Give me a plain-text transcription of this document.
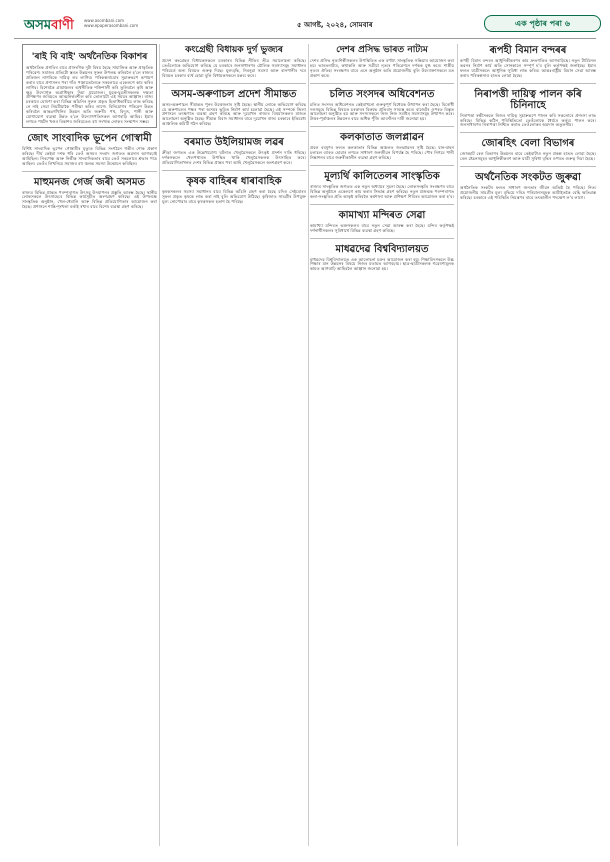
অসমবাণী	www.asombani.com
www.epaperasombani.com	৫ আগষ্ট, ২০২৪, সোমবাৰ	এক পৃষ্ঠাৰ পৰা ৬
'ৰাই বি বাই' অৰ্থনৈতিক বিকাশৰ

অৰ্থনৈতিক প্ৰগতিৰ বাবে প্ৰাসংগিক দুটা বিষয় হৈছে সামাজিক আৰু প্ৰাকৃতিক পৰিৱেশ। সমাজৰ প্ৰতিটো স্তৰত উন্নয়নৰ সুফল উপলব্ধ কৰিবলৈ হ'লে ৰাজ্যৰ প্ৰতিজন নাগৰিকে দায়িত্ব লব লাগিব। পৰিকল্পনাবোৰ সুচাৰুৰূপে ৰূপায়ণ কৰাৰ বাবে প্ৰশাসনৰ পৰা গাঁও পঞ্চায়তলৈকে সকলোৱে একেলগে কাম কৰিব লাগিব। বিশেষকৈ গ্ৰামাঞ্চলৰ অৰ্থনীতিক শক্তিশালী কৰি তুলিবলৈ কৃষি আৰু ক্ষুদ্ৰ উদ্যোগক অগ্ৰাধিকাৰ দিয়া প্ৰয়োজন। যুৱক-যুৱতীসকলক দক্ষতা প্ৰশিক্ষণৰ জৰিয়তে আত্মনিৰ্ভৰশীল কৰি তোলাটো এই সময়ৰ আহ্বান। ৰাজ্য চৰকাৰে ঘোষণা কৰা বিভিন্ন আঁচনিৰ সুফল প্ৰকৃত হিতাধিকাৰীয়ে লাভ কৰিছে নে নাই সেয়া নিয়মীয়াকৈ পৰীক্ষা কৰিব লাগে। বিনিয়োগৰ পৰিৱেশ উন্নত কৰিবলৈ আন্তঃগাঁথনিৰ উন্নয়ন অতি জৰুৰী। পথ, বিদ্যুৎ, পানী আৰু যোগাযোগ ব্যৱস্থা উন্নত হ'লে উদ্যোগপতিসকল আগবাঢ়ি আহিব। ইয়াৰ লগতে পৰ্যটন খণ্ডৰ বিকাশৰ জৰিয়তেও বহু সংখ্যক লোকৰ সংস্থাপন সম্ভৱ।

জোৎ সাংবাদিক ভূপেন গোস্বামী

বিশিষ্ট সাংবাদিক ভূপেন গোস্বামীৰ মৃত্যুত বিভিন্ন সংগঠনে গভীৰ শোক প্ৰকাশ কৰিছে। দীৰ্ঘ কেইবা দশক ধৰি তেওঁ অসমৰ সংবাদ জগতত অৱদান আগবঢ়াই আহিছিল। নিৰপেক্ষ আৰু নিৰ্ভীক সাংবাদিকতাৰ বাবে তেওঁ সকলোৰে শ্ৰদ্ধাৰ পাত্ৰ আছিল। তেওঁৰ লিখনিয়ে সমাজৰ বহু জ্বলন্ত সমস্যা উন্মোচন কৰিছিল।

মাহুমনজ গেৰ্জ জৰী অসমত

ৰাজ্যৰ বিভিন্ন প্ৰান্তত পৰম্পৰাগত উৎসৱ উদযাপনৰ প্ৰস্তুতি আৰম্ভ হৈছে। স্থানীয় লোকসকলে উৎসাহেৰে বিভিন্ন কাৰ্যসূচীত অংশগ্ৰহণ কৰিছে। এই উপলক্ষে সাংস্কৃতিক অনুষ্ঠান, খেল-ধেমালি আৰু বিভিন্ন প্ৰতিযোগিতাৰ আয়োজন কৰা হৈছে। প্ৰশাসনে শান্তি-শৃংখলা বৰ্তাই ৰখাৰ বাবে বিশেষ ব্যৱস্থা গ্ৰহণ কৰিছে।

কংগ্ৰেছী বিধায়ক দুৰ্গ ভুজ্যৰ

প্ৰদেশ কংগ্ৰেছৰ বিধায়কসকলে চৰকাৰৰ বিভিন্ন নীতিৰ তীব্ৰ সমালোচনা কৰিছে। তেওঁলোকে অভিযোগ কৰিছে যে চৰকাৰে জনসাধাৰণৰ মৌলিক সমস্যাসমূহ সমাধানৰ পৰিৱৰ্তে অন্য বিষয়ত গুৰুত্ব দিছে। মূল্যবৃদ্ধি, নিবনুৱা সমস্যা আৰু বানপানীৰ দৰে বিষয়ত চৰকাৰ ব্যৰ্থ হোৱা বুলি বিধায়কসকলে মন্তব্য কৰে।

অসম-অৰুণাচল প্ৰদেশ সীমান্তত

অসম-অৰুণাচল সীমান্তত পুনৰ উত্তেজনাৰ সৃষ্টি হৈছে। স্থানীয় লোকে অভিযোগ কৰিছে যে অৰুণাচলৰ পক্ষৰ পৰা অসমৰ ভূমিত নিৰ্মাণ কাৰ্য চলোৱা হৈছে। এই সম্পৰ্কে জিলা প্ৰশাসনে তৎক্ষণাত ব্যৱস্থা গ্ৰহণ কৰিছে আৰু দুয়োখন ৰাজ্যৰ বিষয়াসকলৰ মাজত আলোচনা অনুষ্ঠিত হৈছে। সীমান্ত বিবাদ সমাধানৰ বাবে দুয়োখন ৰাজ্য চৰকাৰে ইতিমধ্যে আঞ্চলিক কমিটি গঠন কৰিছে।

বৰমাত উইলিয়ামজ লৱৰ

ক্ৰীড়া জগতত এক উল্লেখযোগ্য ঘটনাত খেলুৱৈসকলে উৎকৃষ্ট প্ৰদৰ্শন দাঙি ধৰিছে। দৰ্শকসকলে খেলপথাৰত উপস্থিত থাকি খেলুৱৈসকলক উৎসাহিত কৰে। প্ৰতিযোগিতাখনত দেশৰ বিভিন্ন প্ৰান্তৰ পৰা আহি খেলুৱৈসকলে অংশগ্ৰহণ কৰে।

কৃষক বাহিৰৰ ধাৰাবাহিক

কৃষকসকলৰ সমস্যা সমাধানৰ বাবে বিভিন্ন আঁচনি গ্ৰহণ কৰা হৈছে যদিও সেইবোৰৰ সুফল প্ৰকৃত কৃষকে লাভ কৰা নাই বুলি অভিযোগ উঠিছে। কৃষিজাত সামগ্ৰীৰ উপযুক্ত মূল্য নোপোৱাৰ বাবে কৃষকসকল হতাশ হৈ পৰিছে।

দেশৰ প্ৰসিদ্ধ ভাৰত নাট্যম

দেশৰ প্ৰসিদ্ধ নৃত্যশিল্পীসকলৰ উপস্থিতিত এক বৰ্ণাঢ্য সাংস্কৃতিক সন্ধিয়াৰ আয়োজন কৰা হয়। ভাৰতনাট্যম, কথাকলি আৰু সত্ৰীয়া নৃত্যৰ পৰিৱেশনে দৰ্শকক মুগ্ধ কৰে। শাস্ত্ৰীয় নৃত্যৰ ঐতিহ্য সংৰক্ষণৰ বাবে এনে অনুষ্ঠান অতি প্ৰয়োজনীয় বুলি উদ্যোক্তাসকলে মত প্ৰকাশ কৰে।

চলিত সংসদৰ অধিবেশনত

চলিত সংসদৰ অধিবেশনত কেইবাখনো গুৰুত্বপূৰ্ণ বিধেয়ক উত্থাপন কৰা হৈছে। বিৰোধী দলসমূহে বিভিন্ন বিষয়ত চৰকাৰৰ বিৰুদ্ধে প্ৰতিবাদ সাব্যস্ত কৰে। বাজেটৰ ওপৰত বিস্তৃত আলোচনা অনুষ্ঠিত হয় আৰু সদস্যসকলে নিজ নিজ সমষ্টিৰ সমস্যাসমূহ উত্থাপন কৰে। উত্তৰ-পূৰ্বাঞ্চলৰ উন্নয়নৰ বাবে অধিক পুঁজি আবণ্টনৰ দাবী জনোৱা হয়।

কলকাতাত জলপ্লাৱন

প্ৰবল বৰষুণৰ ফলত কলকাতাৰ বিভিন্ন অঞ্চলত জলপ্লাৱনৰ সৃষ্টি হৈছে। যান-বাহন চলাচল ব্যাহত হোৱাৰ লগতে সাধাৰণ জনজীৱন বিপৰ্যস্ত হৈ পৰিছে। পৌৰ নিগমে পানী নিষ্কাশনৰ বাবে জৰুৰীকালীন ব্যৱস্থা গ্ৰহণ কৰিছে।

মূল্যৰ্থি কালিতেলৰ সাংস্কৃতিক

ৰাজ্যৰ সাংস্কৃতিক জগতত এক নতুন অধ্যায়ৰ সূচনা হৈছে। লোকসংস্কৃতি সংৰক্ষণৰ বাবে বিভিন্ন অনুষ্ঠানে একেলগে কাম কৰাৰ সিদ্ধান্ত গ্ৰহণ কৰিছে। নতুন প্ৰজন্মক পৰম্পৰাগত কলা-সংস্কৃতিৰ প্ৰতি আকৃষ্ট কৰিবলৈ কৰ্মশালা আৰু প্ৰশিক্ষণ শিবিৰৰ আয়োজন কৰা হ'ব।

কামাখ্যা মন্দিৰত সেৱা

কামাখ্যা মন্দিৰত ভক্তসকলৰ বাবে নতুন সেৱা আৰম্ভ কৰা হৈছে। মন্দিৰ কৰ্তৃপক্ষই দৰ্শনাৰ্থীসকলৰ সুবিধাৰ্থে বিভিন্ন ব্যৱস্থা গ্ৰহণ কৰিছে।

মাধৱদেৱ বিশ্ববিদ্যালয়ত

মাধৱদেৱ বিশ্ববিদ্যালয়ত এক আলোচনা চক্ৰৰ আয়োজন কৰা হয়। শিক্ষাবিদসকলে উচ্চ শিক্ষাৰ মান উন্নয়নৰ বিষয়ে নিজৰ মতামত আগবঢ়ায়। ছাত্ৰ-ছাত্ৰীসকলক গৱেষণামূলক কামত আগবাঢ়ি আহিবলৈ আহ্বান জনোৱা হয়।

ৰূপহী বিমান বন্দৰৰ

ৰূপহী বিমান বন্দৰৰ আধুনিকীকৰণৰ কাম দ্ৰুতগতিত আগবাঢ়িছে। নতুন টাৰ্মিনেল ভৱনৰ নিৰ্মাণ কাৰ্য অতি সোনকালে সম্পূৰ্ণ হ'ব বুলি কৰ্তৃপক্ষই জনাইছে। ইয়াৰ ফলত যাত্ৰীসকলে আধুনিক সুবিধা লাভ কৰিব। আন্তঃৰাষ্ট্ৰীয় বিমান সেৱা আৰম্ভ কৰাৰ পৰিকল্পনাও হাতত লোৱা হৈছে।

নিৰাপত্তী দায়িত্ব পালন কৰি চিনিনাহে

নিৰাপত্তা ৰক্ষীসকলে নিজৰ দায়িত্ব সুচাৰুৰূপে পালন কৰি সকলোৰে প্ৰশংসা লাভ কৰিছে। বিভিন্ন কঠিন পৰিস্থিতিতো তেওঁলোকে ধৈৰ্যৰে কৰ্তব্য পালন কৰে। জনসাধাৰণৰ নিৰাপত্তা নিশ্চিত কৰাত তেওঁলোকৰ অৱদান অতুলনীয়।

জোৰহিৎ বেলা বিভাগৰ

জোৰহাট ৰেল বিভাগৰ উন্নয়নৰ বাবে কেইবাটাও নতুন প্ৰকল্প হাতত লোৱা হৈছে। ৰেল ষ্টেচনসমূহৰ আধুনিকীকৰণ আৰু যাত্ৰী সুবিধা বৃদ্ধিৰ ওপৰত গুৰুত্ব দিয়া হৈছে।

অৰ্থনৈতিক সংকটত জুৰুৱা

অৰ্থনৈতিক সংকটৰ ফলত সাধাৰণ জনতাৰ জীৱন অতিষ্ঠ হৈ পৰিছে। নিত্য প্ৰয়োজনীয় সামগ্ৰীৰ মূল্য বৃদ্ধিয়ে দৰিদ্ৰ পৰিয়ালসমূহক আটাইতকৈ বেছি ক্ষতিগ্ৰস্ত কৰিছে। চৰকাৰে এই পৰিস্থিতি নিয়ন্ত্ৰণৰ বাবে তৎকালীন পদক্ষেপ ল'ব লাগে।
